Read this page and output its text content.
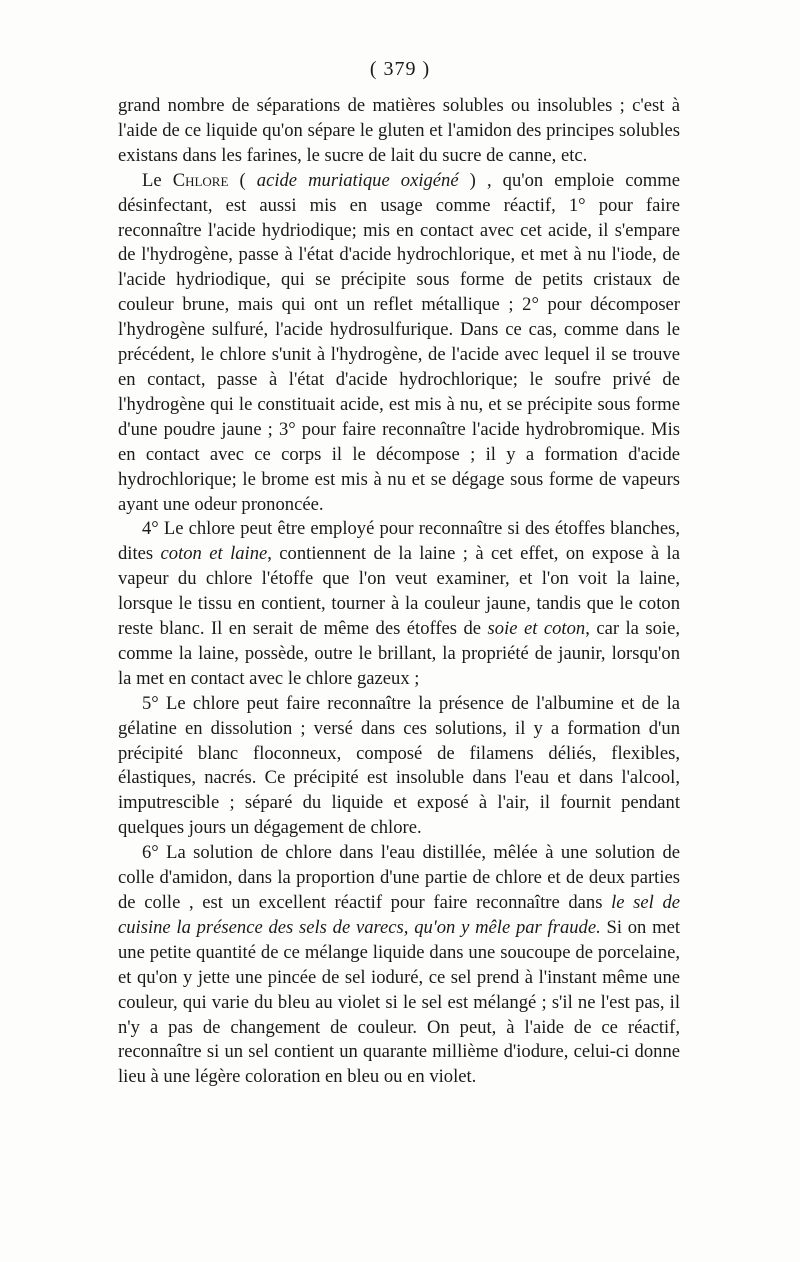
( 379 )

grand nombre de séparations de matières solubles ou insolubles ; c'est à l'aide de ce liquide qu'on sépare le gluten et l'amidon des principes solubles existans dans les farines, le sucre de lait du sucre de canne, etc.

Le Chlore ( acide muriatique oxigéné ) , qu'on emploie comme désinfectant, est aussi mis en usage comme réactif, 1° pour faire reconnaître l'acide hydriodique; mis en contact avec cet acide, il s'empare de l'hydrogène, passe à l'état d'acide hydrochlorique, et met à nu l'iode, de l'acide hydriodique, qui se précipite sous forme de petits cristaux de couleur brune, mais qui ont un reflet métallique ; 2° pour décomposer l'hydrogène sulfuré, l'acide hydrosulfurique. Dans ce cas, comme dans le précédent, le chlore s'unit à l'hydrogène, de l'acide avec lequel il se trouve en contact, passe à l'état d'acide hydrochlorique; le soufre privé de l'hydrogène qui le constituait acide, est mis à nu, et se précipite sous forme d'une poudre jaune ; 3° pour faire reconnaître l'acide hydrobromique. Mis en contact avec ce corps il le décompose ; il y a formation d'acide hydrochlorique; le brome est mis à nu et se dégage sous forme de vapeurs ayant une odeur prononcée.

4° Le chlore peut être employé pour reconnaître si des étoffes blanches, dites coton et laine, contiennent de la laine ; à cet effet, on expose à la vapeur du chlore l'étoffe que l'on veut examiner, et l'on voit la laine, lorsque le tissu en contient, tourner à la couleur jaune, tandis que le coton reste blanc. Il en serait de même des étoffes de soie et coton, car la soie, comme la laine, possède, outre le brillant, la propriété de jaunir, lorsqu'on la met en contact avec le chlore gazeux ;

5° Le chlore peut faire reconnaître la présence de l'albumine et de la gélatine en dissolution ; versé dans ces solutions, il y a formation d'un précipité blanc floconneux, composé de filamens déliés, flexibles, élastiques, nacrés. Ce précipité est insoluble dans l'eau et dans l'alcool, imputrescible ; séparé du liquide et exposé à l'air, il fournit pendant quelques jours un dégagement de chlore.

6° La solution de chlore dans l'eau distillée, mêlée à une solution de colle d'amidon, dans la proportion d'une partie de chlore et de deux parties de colle , est un excellent réactif pour faire reconnaître dans le sel de cuisine la présence des sels de varecs, qu'on y mêle par fraude. Si on met une petite quantité de ce mélange liquide dans une soucoupe de porcelaine, et qu'on y jette une pincée de sel ioduré, ce sel prend à l'instant même une couleur, qui varie du bleu au violet si le sel est mélangé ; s'il ne l'est pas, il n'y a pas de changement de couleur. On peut, à l'aide de ce réactif, reconnaître si un sel contient un quarante millième d'iodure, celui-ci donne lieu à une légère coloration en bleu ou en violet.
